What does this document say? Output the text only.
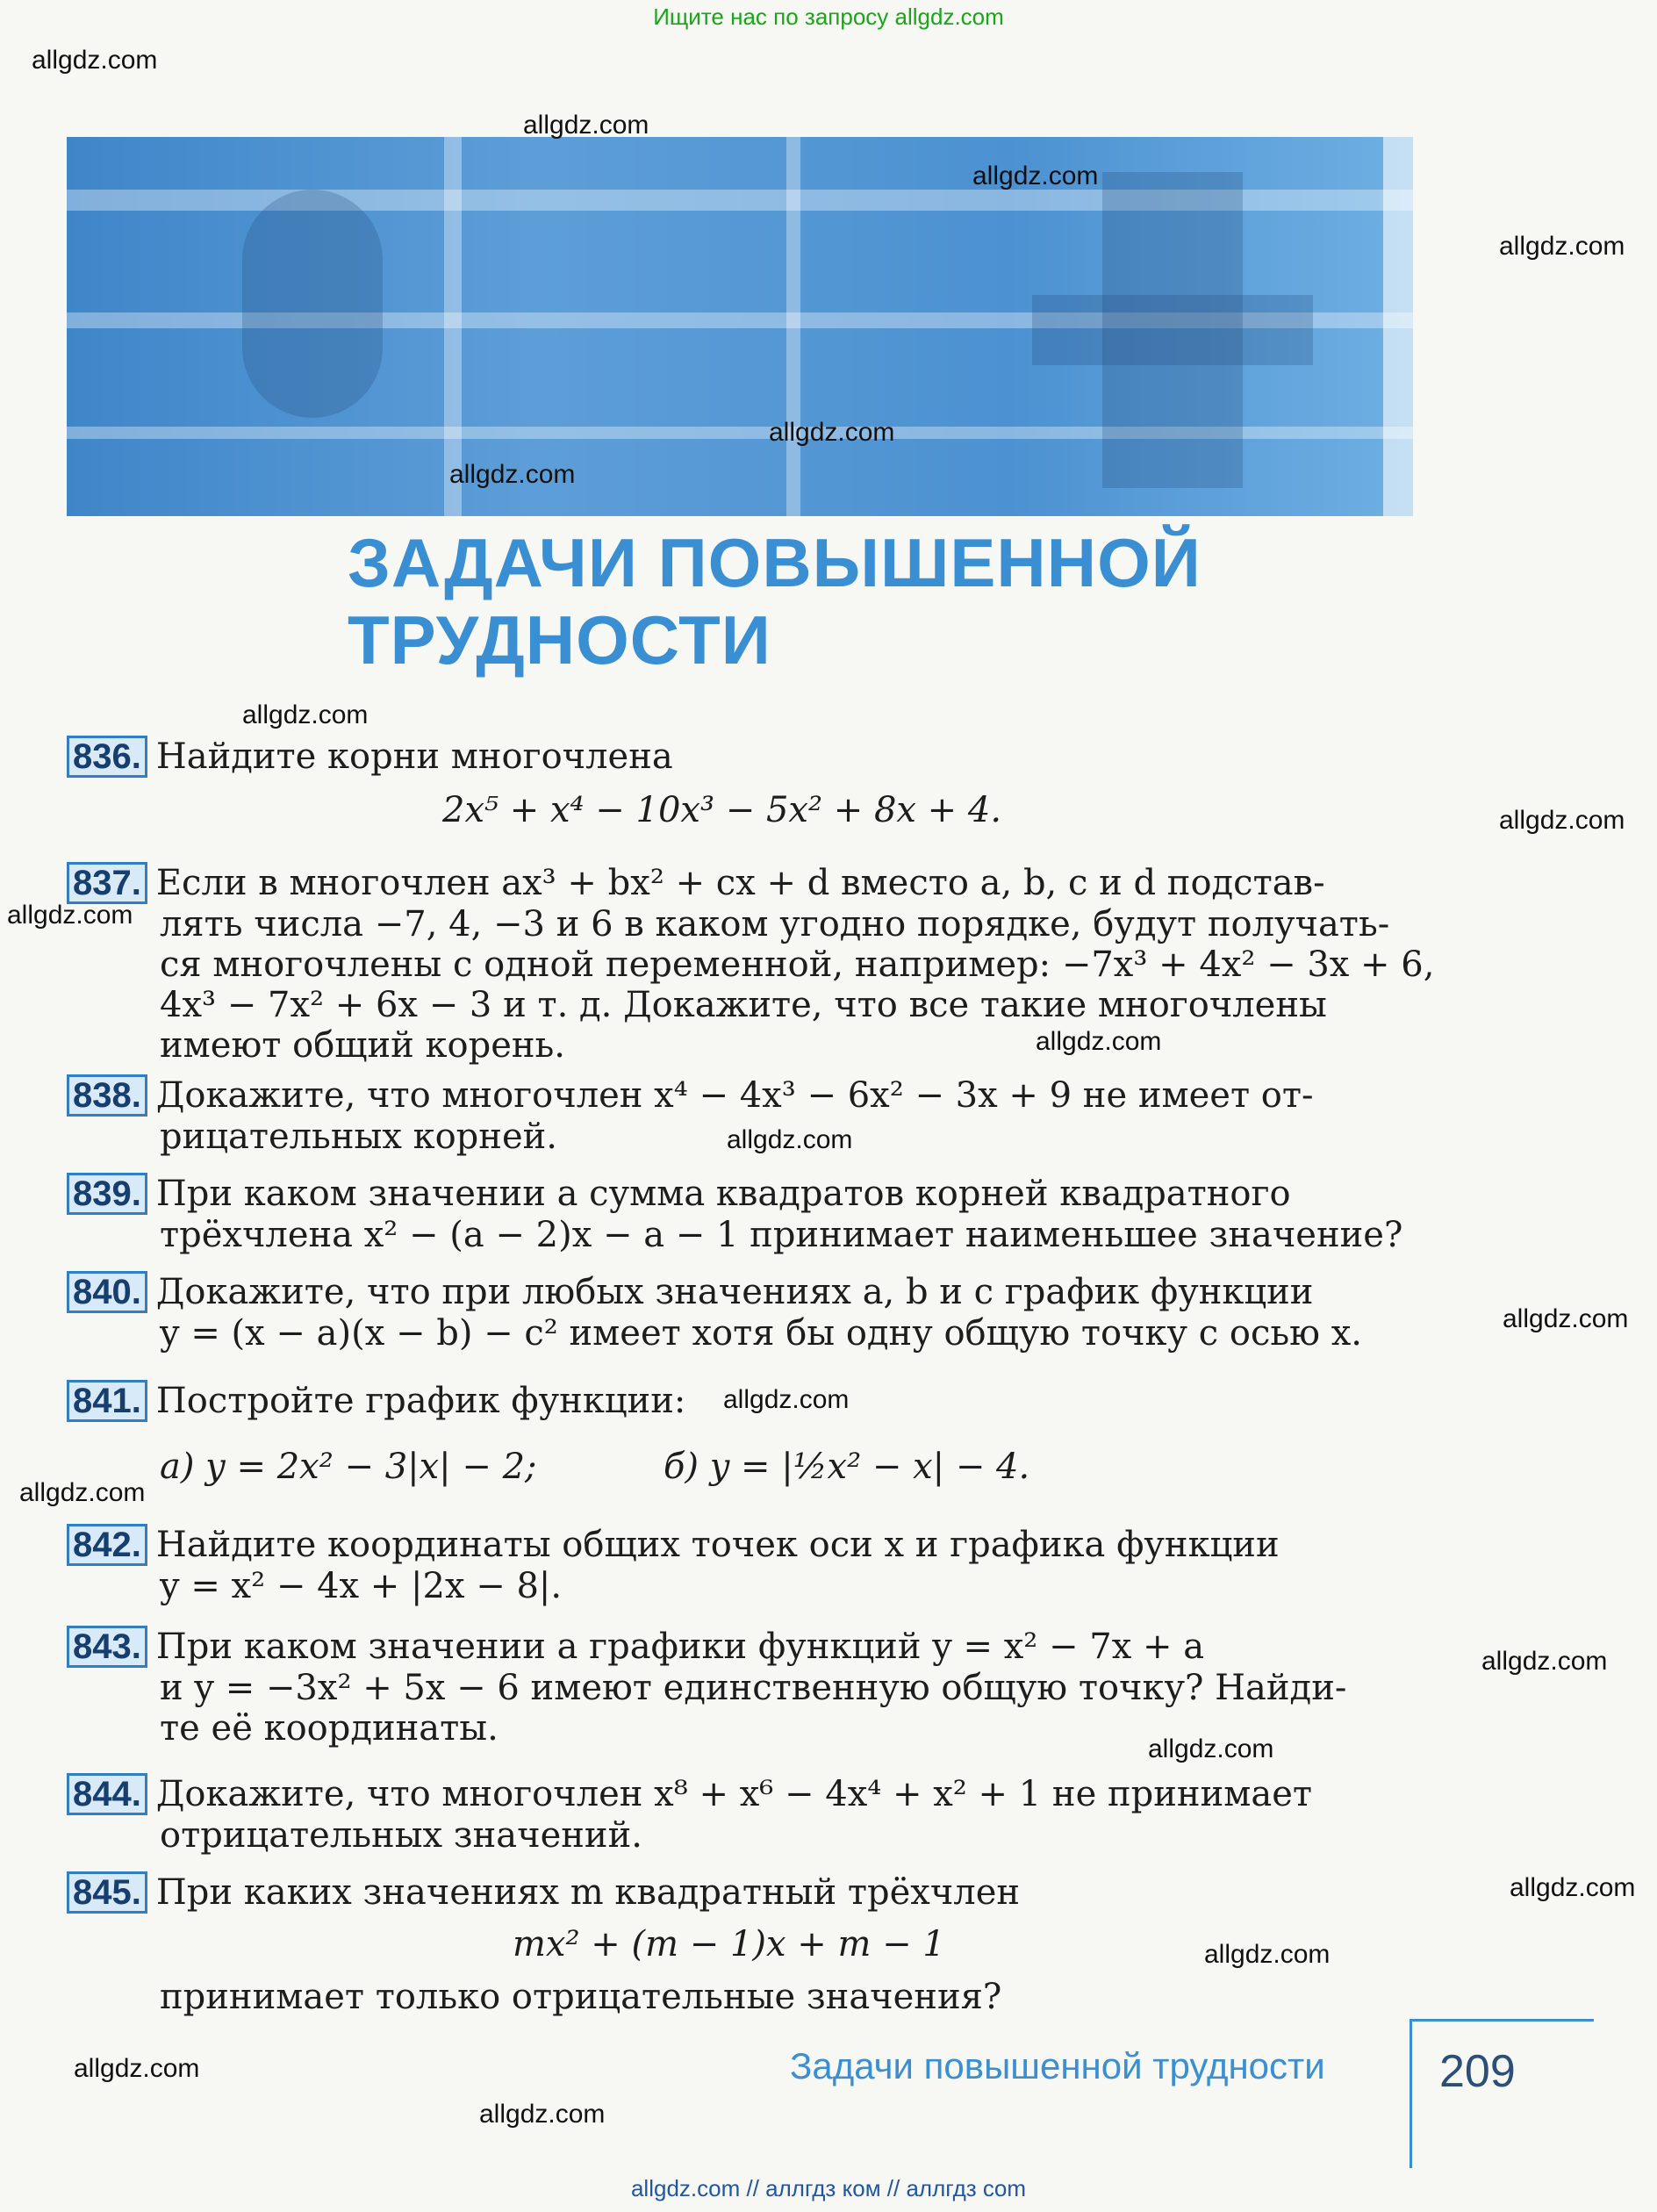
Ищите нас по запросу allgdz.com
ЗАДАЧИ ПОВЫШЕННОЙ
ТРУДНОСТИ
836. Найдите корни многочлена
2x⁵ + x⁴ − 10x³ − 5x² + 8x + 4.
837. Если в многочлен ax³ + bx² + cx + d вместо a, b, c и d подстав-
лять числа −7, 4, −3 и 6 в каком угодно порядке, будут получать-
ся многочлены с одной переменной, например: −7x³ + 4x² − 3x + 6,
4x³ − 7x² + 6x − 3 и т. д. Докажите, что все такие многочлены
имеют общий корень.
838. Докажите, что многочлен x⁴ − 4x³ − 6x² − 3x + 9 не имеет от-
рицательных корней.
839. При каком значении a сумма квадратов корней квадратного
трёхчлена x² − (a − 2)x − a − 1 принимает наименьшее значение?
840. Докажите, что при любых значениях a, b и c график функции
y = (x − a)(x − b) − c² имеет хотя бы одну общую точку с осью x.
841. Постройте график функции:
а) y = 2x² − 3|x| − 2;	б) y = |½x² − x| − 4.
842. Найдите координаты общих точек оси x и графика функции
y = x² − 4x + |2x − 8|.
843. При каком значении a графики функций y = x² − 7x + a
и y = −3x² + 5x − 6 имеют единственную общую точку? Найди-
те её координаты.
844. Докажите, что многочлен x⁸ + x⁶ − 4x⁴ + x² + 1 не принимает
отрицательных значений.
845. При каких значениях m квадратный трёхчлен
mx² + (m − 1)x + m − 1
принимает только отрицательные значения?
Задачи повышенной трудности	209
allgdz.com
allgdz.com
allgdz.com
allgdz.com
allgdz.com
allgdz.com
allgdz.com
allgdz.com
allgdz.com
allgdz.com
allgdz.com
allgdz.com
allgdz.com
allgdz.com
allgdz.com
allgdz.com
allgdz.com
allgdz.com
allgdz.com
allgdz.com
allgdz.com // аллгдз ком // аллгдз com
